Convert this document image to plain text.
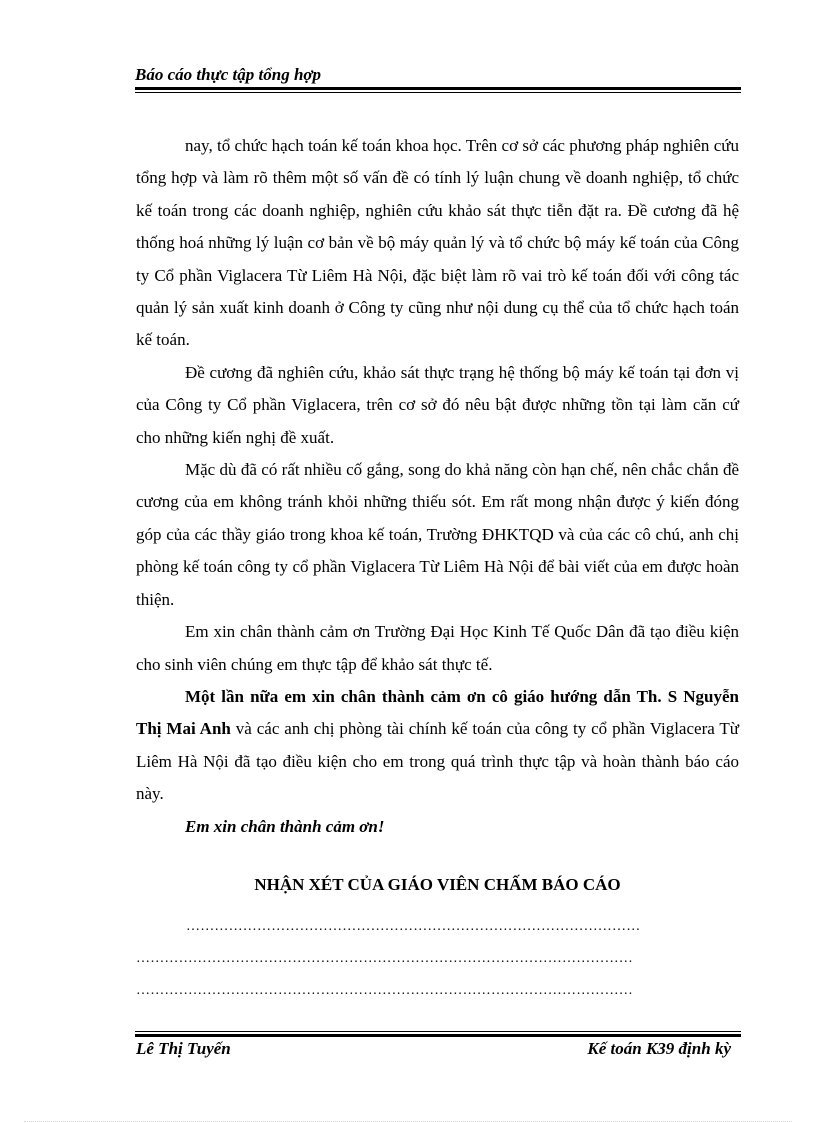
Báo cáo thực tập tổng hợp

nay, tổ chức hạch toán kế toán khoa học. Trên cơ sở các phương pháp nghiên cứu tổng hợp và làm rõ thêm một số vấn đề có tính lý luận chung về doanh nghiệp, tổ chức kế toán trong các doanh nghiệp, nghiên cứu khảo sát thực tiễn đặt ra. Đề cương đã hệ thống hoá những lý luận cơ bản về bộ máy quản lý và tổ chức bộ máy kế toán của Công ty Cổ phần Viglacera Từ Liêm Hà Nội, đặc biệt làm rõ vai trò kế toán đối với công tác quản lý sản xuất kinh doanh ở Công ty cũng như nội dung cụ thể của tổ chức hạch toán kế toán.

Đề cương đã nghiên cứu, khảo sát thực trạng hệ thống bộ máy kế toán tại đơn vị của Công ty Cổ phần Viglacera, trên cơ sở đó nêu bật được những tồn tại làm căn cứ cho những kiến nghị đề xuất.

Mặc dù đã có rất nhiều cố gắng, song do khả năng còn hạn chế, nên chắc chắn đề cương của em không tránh khỏi những thiếu sót. Em rất mong nhận được ý kiến đóng góp của các thầy giáo trong khoa kế toán, Trường ĐHKTQD và của các cô chú, anh chị phòng kế toán công ty cổ phần Viglacera Từ Liêm Hà Nội để bài viết của em được hoàn thiện.

Em xin chân thành cảm ơn Trường Đại Học Kinh Tế Quốc Dân đã tạo điều kiện cho sinh viên chúng em thực tập để khảo sát thực tế.

Một lần nữa em xin chân thành cảm ơn cô giáo hướng dẫn Th. S Nguyễn Thị Mai Anh và các anh chị phòng tài chính kế toán của công ty cổ phần Viglacera Từ Liêm Hà Nội đã tạo điều kiện cho em trong quá trình thực tập và hoàn thành báo cáo này.

Em xin chân thành cảm ơn!

NHẬN XÉT CỦA GIÁO VIÊN CHẤM BÁO CÁO
……………………………………………………………………………………
……………………………………………………………………………………………
……………………………………………………………………………………………
Lê Thị Tuyến	Kế toán K39 định kỳ
